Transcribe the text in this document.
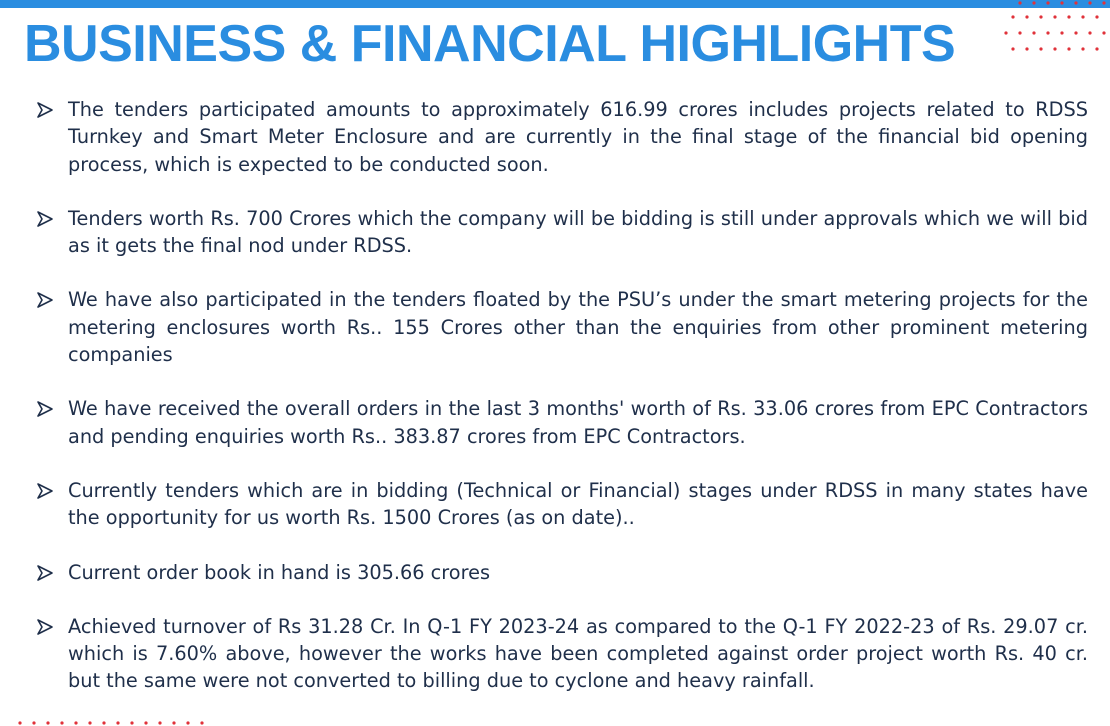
BUSINESS & FINANCIAL HIGHLIGHTS
The tenders participated amounts to approximately 616.99 crores includes projects related to RDSS Turnkey and Smart Meter Enclosure and are currently in the final stage of the financial bid opening process, which is expected to be conducted soon.
Tenders worth Rs. 700 Crores which the company will be bidding is still under approvals which we will bid as it gets the final nod under RDSS.
We have also participated in the tenders floated by the PSU’s under the smart metering projects for the metering enclosures worth Rs.. 155 Crores other than the enquiries from other prominent metering companies
We have received the overall orders in the last 3 months' worth of Rs. 33.06 crores from EPC Contractors and pending enquiries worth Rs.. 383.87 crores from EPC Contractors.
Currently tenders which are in bidding (Technical or Financial) stages under RDSS in many states have the opportunity for us worth Rs. 1500 Crores (as on date)..
Current order book in hand is 305.66 crores
Achieved turnover of Rs 31.28 Cr. In Q-1 FY 2023-24 as compared to the Q-1 FY 2022-23 of Rs. 29.07 cr. which is 7.60% above, however the works have been completed against order project worth Rs. 40 cr. but the same were not converted to billing due to cyclone and heavy rainfall.
